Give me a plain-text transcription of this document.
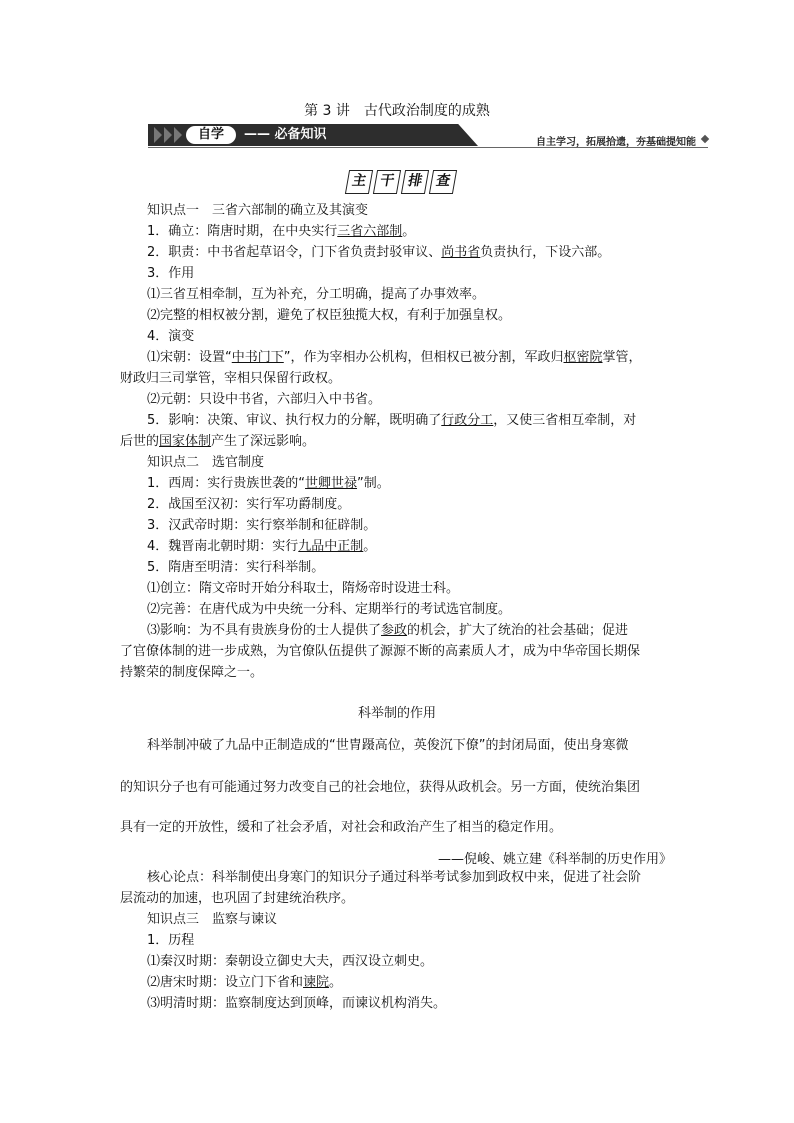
第 3 讲　古代政治制度的成熟
自学	—— 必备知识
自主学习，拓展拾遗，夯基础提知能
主 干 排 查
知识点一　三省六部制的确立及其演变
1．确立：隋唐时期，在中央实行三省六部制。
2．职责：中书省起草诏令，门下省负责封驳审议、尚书省负责执行，下设六部。
3．作用
⑴三省互相牵制，互为补充，分工明确，提高了办事效率。
⑵完整的相权被分割，避免了权臣独揽大权，有利于加强皇权。
4．演变
⑴宋朝：设置“中书门下”，作为宰相办公机构，但相权已被分割，军政归枢密院掌管，
财政归三司掌管，宰相只保留行政权。
⑵元朝：只设中书省，六部归入中书省。
5．影响：决策、审议、执行权力的分解，既明确了行政分工，又使三省相互牵制，对
后世的国家体制产生了深远影响。
知识点二　选官制度
1．西周：实行贵族世袭的“世卿世禄”制。
2．战国至汉初：实行军功爵制度。
3．汉武帝时期：实行察举制和征辟制。
4．魏晋南北朝时期：实行九品中正制。
5．隋唐至明清：实行科举制。
⑴创立：隋文帝时开始分科取士，隋炀帝时设进士科。
⑵完善：在唐代成为中央统一分科、定期举行的考试选官制度。
⑶影响：为不具有贵族身份的士人提供了参政的机会，扩大了统治的社会基础；促进
了官僚体制的进一步成熟，为官僚队伍提供了源源不断的高素质人才，成为中华帝国长期保
持繁荣的制度保障之一。
科举制的作用
科举制冲破了九品中正制造成的“世胄蹑高位，英俊沉下僚”的封闭局面，使出身寒微
的知识分子也有可能通过努力改变自己的社会地位，获得从政机会。另一方面，使统治集团
具有一定的开放性，缓和了社会矛盾，对社会和政治产生了相当的稳定作用。
——倪峻、姚立建《科举制的历史作用》
核心论点：科举制使出身寒门的知识分子通过科举考试参加到政权中来，促进了社会阶
层流动的加速，也巩固了封建统治秩序。
知识点三　监察与谏议
1．历程
⑴秦汉时期：秦朝设立御史大夫，西汉设立刺史。
⑵唐宋时期：设立门下省和谏院。
⑶明清时期：监察制度达到顶峰，而谏议机构消失。
